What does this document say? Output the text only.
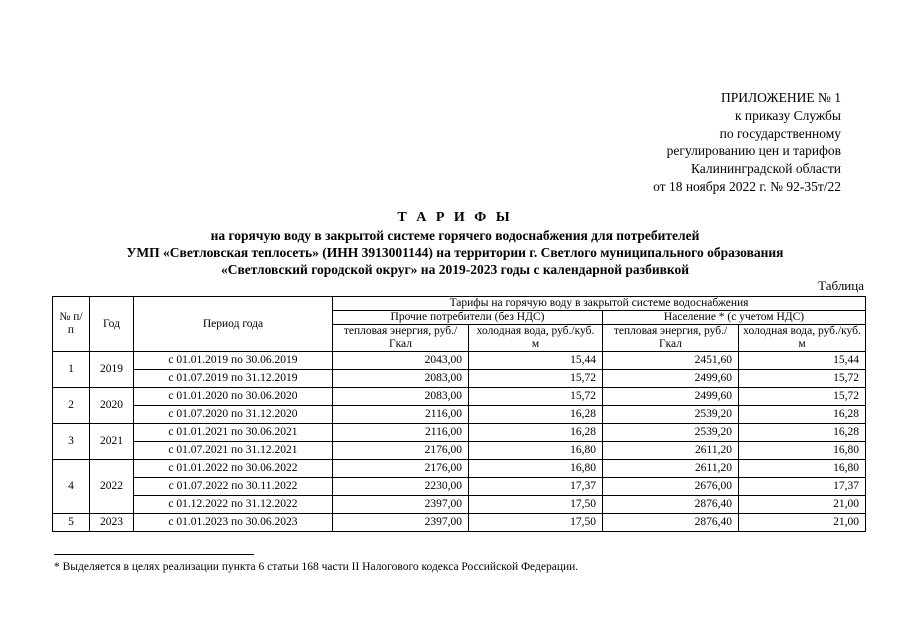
ПРИЛОЖЕНИЕ № 1
к приказу Службы
по государственному
регулированию цен и тарифов
Калининградской области
от 18 ноября 2022 г. № 92-35т/22
Т А Р И Ф Ы
на горячую воду в закрытой системе горячего водоснабжения для потребителей
УМП «Светловская теплосеть» (ИНН 3913001144) на территории г. Светлого муниципального образования
«Светловский городской округ» на 2019-2023 годы с календарной разбивкой
Таблица
№ п/п	Год	Период года	Тарифы на горячую воду в закрытой системе водоснабжения			
			Прочие потребители (без НДС)		Население * (с учетом НДС)	
			тепловая энергия, руб./Гкал	холодная вода, руб./куб. м	тепловая энергия, руб./Гкал	холодная вода, руб./куб. м
1	2019	с 01.01.2019 по 30.06.2019	2043,00	15,44	2451,60	15,44
		с 01.07.2019 по 31.12.2019	2083,00	15,72	2499,60	15,72
2	2020	с 01.01.2020 по 30.06.2020	2083,00	15,72	2499,60	15,72
		с 01.07.2020 по 31.12.2020	2116,00	16,28	2539,20	16,28
3	2021	с 01.01.2021 по 30.06.2021	2116,00	16,28	2539,20	16,28
		с 01.07.2021 по 31.12.2021	2176,00	16,80	2611,20	16,80
4	2022	с 01.01.2022 по 30.06.2022	2176,00	16,80	2611,20	16,80
		с 01.07.2022 по 30.11.2022	2230,00	17,37	2676,00	17,37
		с 01.12.2022 по 31.12.2022	2397,00	17,50	2876,40	21,00
5	2023	с 01.01.2023 по 30.06.2023	2397,00	17,50	2876,40	21,00
* Выделяется в целях реализации пункта 6 статьи 168 части II Налогового кодекса Российской Федерации.
